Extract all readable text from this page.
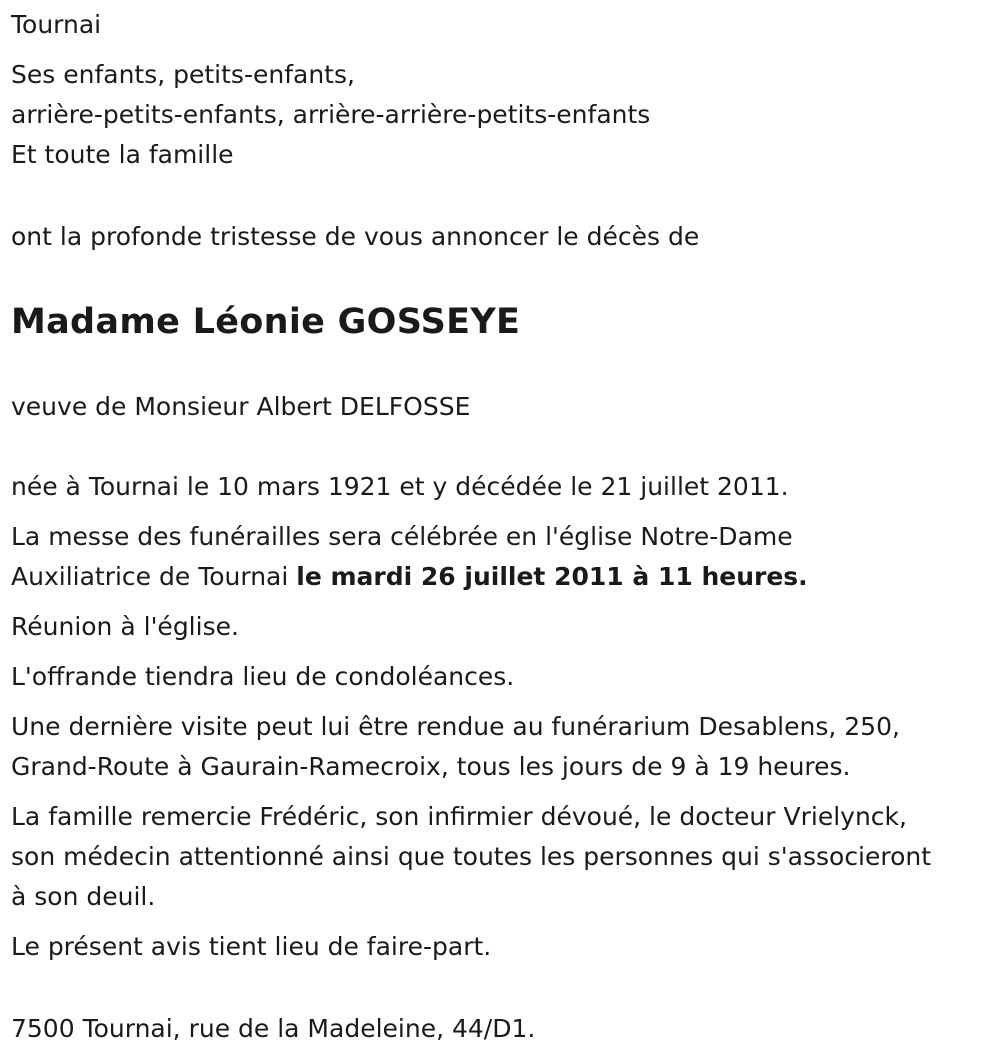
Tournai

Ses enfants, petits-enfants,

arrière-petits-enfants, arrière-arrière-petits-enfants

Et toute la famille

ont la profonde tristesse de vous annoncer le décès de

Madame Léonie GOSSEYE

veuve de Monsieur Albert DELFOSSE

née à Tournai le 10 mars 1921 et y décédée le 21 juillet 2011.

La messe des funérailles sera célébrée en l'église Notre-Dame

Auxiliatrice de Tournai le mardi 26 juillet 2011 à 11 heures.

Réunion à l'église.

L'offrande tiendra lieu de condoléances.

Une dernière visite peut lui être rendue au funérarium Desablens, 250,

Grand-Route à Gaurain-Ramecroix, tous les jours de 9 à 19 heures.

La famille remercie Frédéric, son infirmier dévoué, le docteur Vrielynck,

son médecin attentionné ainsi que toutes les personnes qui s'associeront

à son deuil.

Le présent avis tient lieu de faire-part.

7500 Tournai, rue de la Madeleine, 44/D1.
